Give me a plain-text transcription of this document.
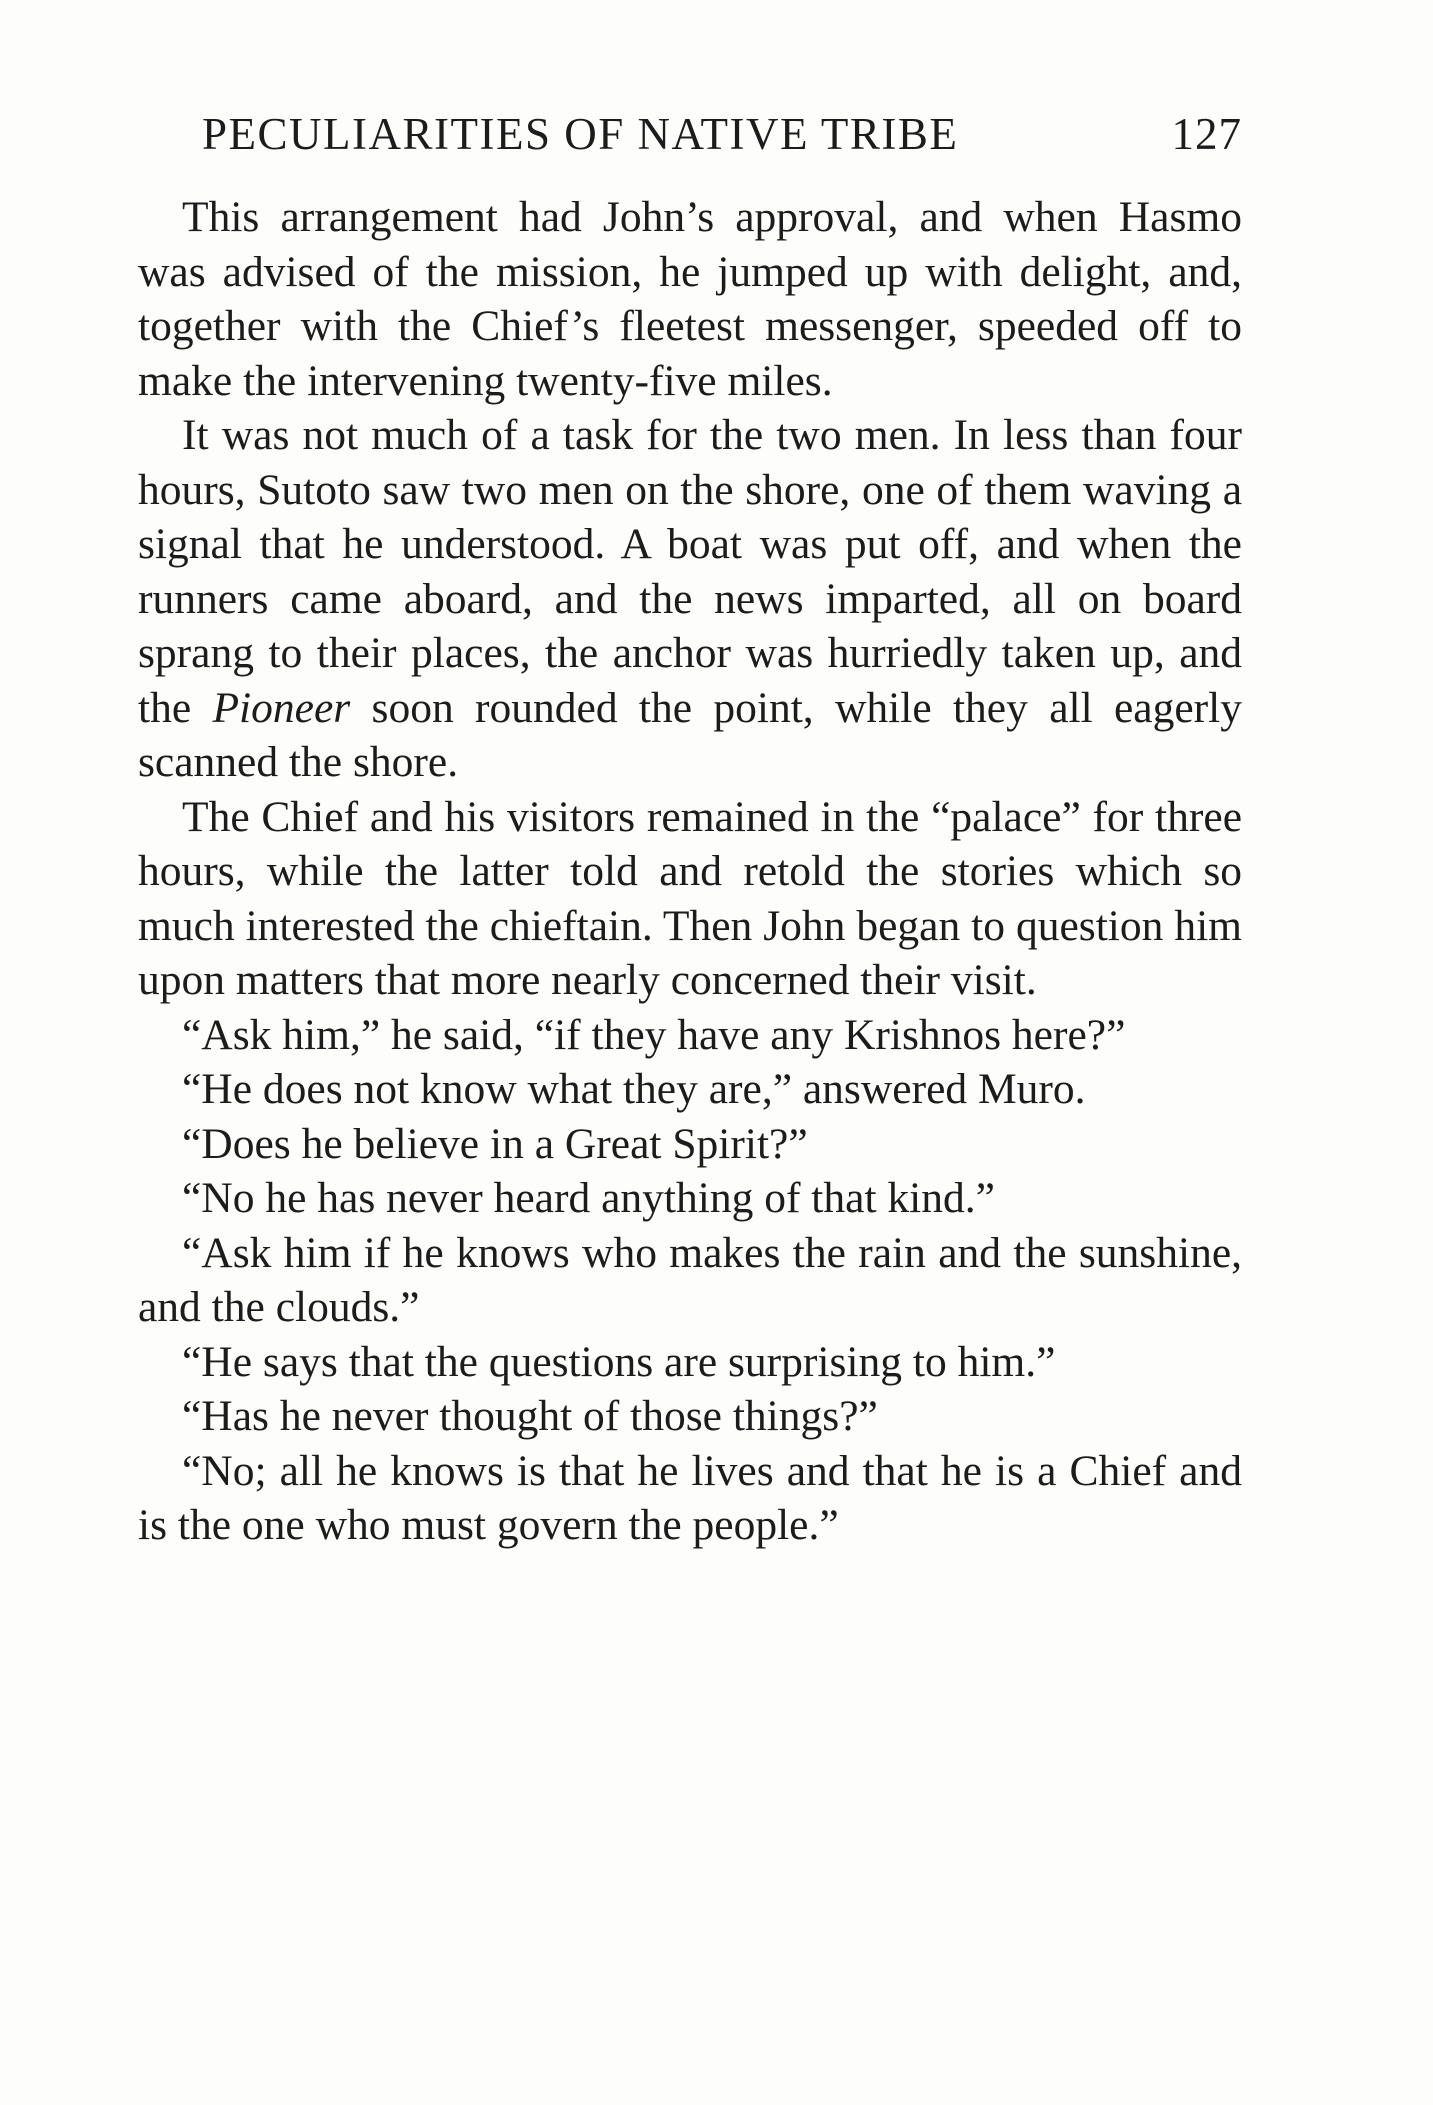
PECULIARITIES OF NATIVE TRIBE	127

This arrangement had John’s approval, and when Hasmo was advised of the mission, he jumped up with delight, and, together with the Chief’s fleetest messenger, speeded off to make the intervening twenty-five miles.

It was not much of a task for the two men. In less than four hours, Sutoto saw two men on the shore, one of them waving a signal that he understood. A boat was put off, and when the runners came aboard, and the news imparted, all on board sprang to their places, the anchor was hurriedly taken up, and the Pioneer soon rounded the point, while they all eagerly scanned the shore.

The Chief and his visitors remained in the “palace” for three hours, while the latter told and retold the stories which so much interested the chieftain. Then John began to question him upon matters that more nearly concerned their visit.

“Ask him,” he said, “if they have any Krishnos here?”

“He does not know what they are,” answered Muro.

“Does he believe in a Great Spirit?”

“No he has never heard anything of that kind.”

“Ask him if he knows who makes the rain and the sunshine, and the clouds.”

“He says that the questions are surprising to him.”

“Has he never thought of those things?”

“No; all he knows is that he lives and that he is a Chief and is the one who must govern the people.”
